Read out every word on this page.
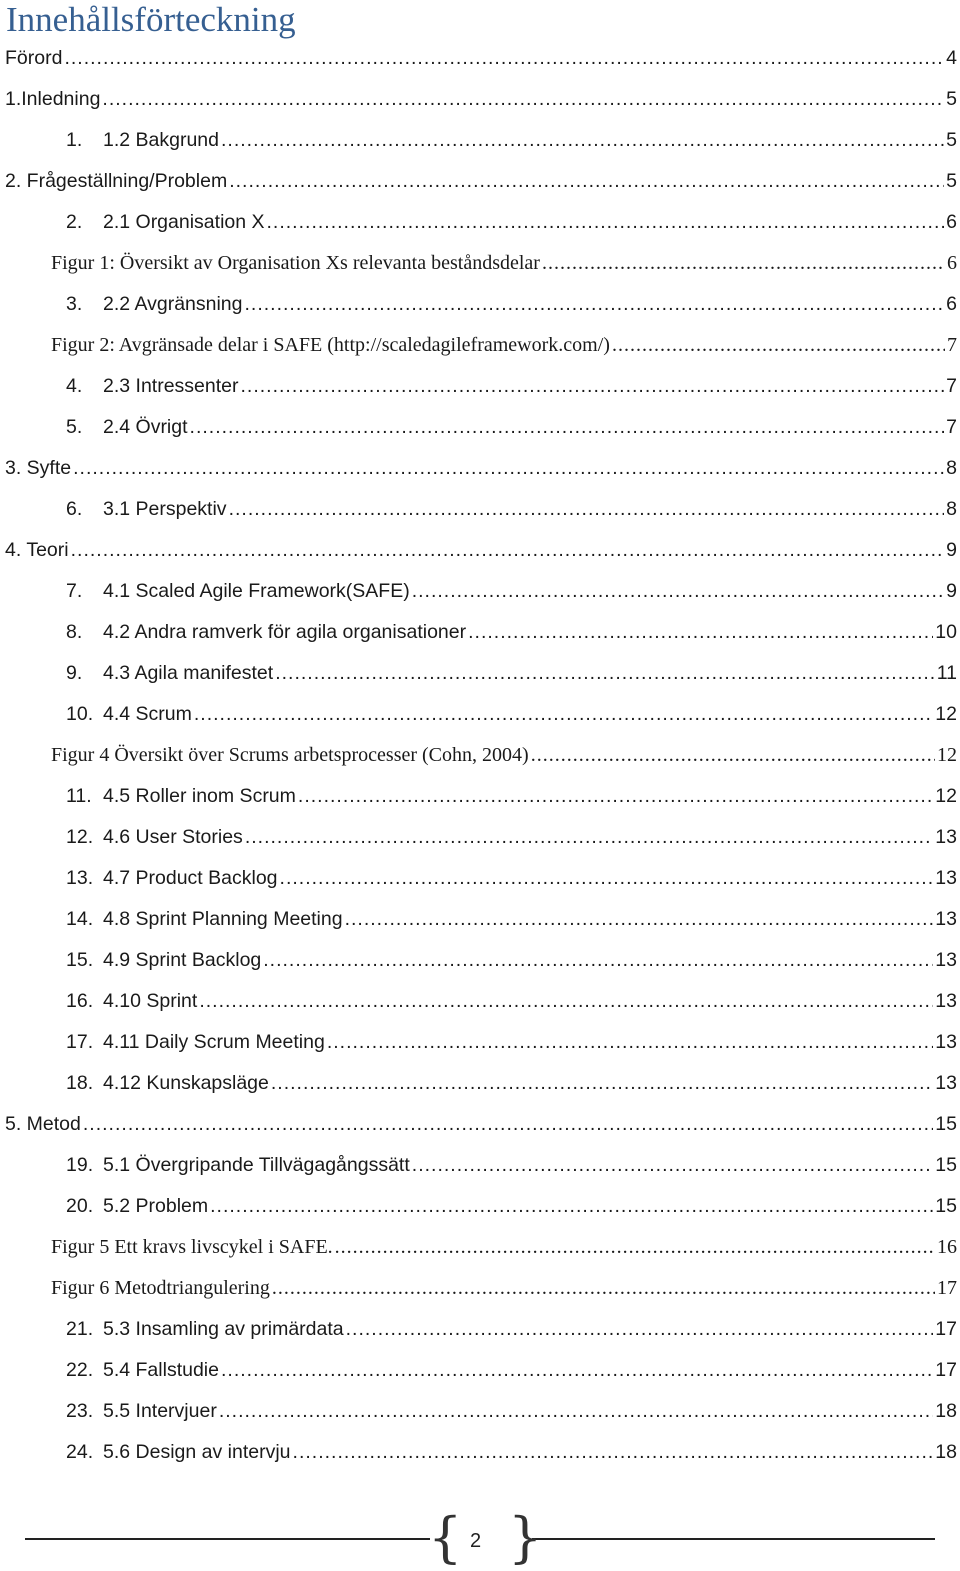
Innehållsförteckning
Förord .....	4
1.Inledning .....	5
1.	1.2 Bakgrund .....	5
2. Frågeställning/Problem .....	5
2.	2.1 Organisation X .....	6
Figur 1: Översikt av Organisation Xs relevanta beståndsdelar .....	6
3.	2.2 Avgränsning .....	6
Figur 2: Avgränsade delar i SAFE (http://scaledagileframework.com/) .....	7
4.	2.3 Intressenter .....	7
5.	2.4 Övrigt .....	7
3. Syfte .....	8
6.	3.1 Perspektiv .....	8
4. Teori .....	9
7.	4.1 Scaled Agile Framework(SAFE) .....	9
8.	4.2 Andra ramverk för agila organisationer .....	10
9.	4.3 Agila manifestet .....	11
10. 4.4 Scrum .....	12
Figur 4 Översikt över Scrums arbetsprocesser (Cohn, 2004) .....	12
11. 4.5 Roller inom Scrum .....	12
12. 4.6 User Stories .....	13
13. 4.7 Product Backlog .....	13
14. 4.8 Sprint Planning Meeting .....	13
15. 4.9 Sprint Backlog .....	13
16. 4.10 Sprint .....	13
17. 4.11 Daily Scrum Meeting .....	13
18. 4.12 Kunskapsläge .....	13
5. Metod .....	15
19. 5.1 Övergripande Tillvägagångssätt .....	15
20. 5.2 Problem .....	15
Figur 5 Ett kravs livscykel i SAFE. .....	16
Figur 6 Metodtriangulering .....	17
21. 5.3 Insamling av primärdata .....	17
22. 5.4 Fallstudie .....	17
23. 5.5 Intervjuer .....	18
24. 5.6 Design av intervju .....	18
{ 2 }
